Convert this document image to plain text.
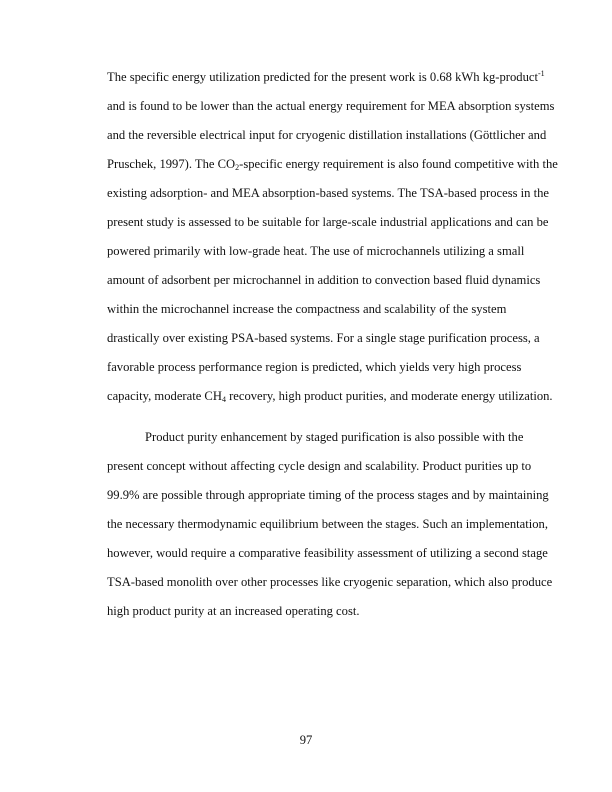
The specific energy utilization predicted for the present work is 0.68 kWh kg-product$^{-1}$
and is found to be lower than the actual energy requirement for MEA absorption systems
and the reversible electrical input for cryogenic distillation installations (Göttlicher and
Pruschek, 1997). The $CO_2$-specific energy requirement is also found competitive with the
existing adsorption- and MEA absorption-based systems. The TSA-based process in the
present study is assessed to be suitable for large-scale industrial applications and can be
powered primarily with low-grade heat. The use of microchannels utilizing a small
amount of adsorbent per microchannel in addition to convection based fluid dynamics
within the microchannel increase the compactness and scalability of the system
drastically over existing PSA-based systems. For a single stage purification process, a
favorable process performance region is predicted, which yields very high process
capacity, moderate $CH_4$ recovery, high product purities, and moderate energy utilization.
Product purity enhancement by staged purification is also possible with the
present concept without affecting cycle design and scalability. Product purities up to
99.9% are possible through appropriate timing of the process stages and by maintaining
the necessary thermodynamic equilibrium between the stages. Such an implementation,
however, would require a comparative feasibility assessment of utilizing a second stage
TSA-based monolith over other processes like cryogenic separation, which also produce
high product purity at an increased operating cost.
97
